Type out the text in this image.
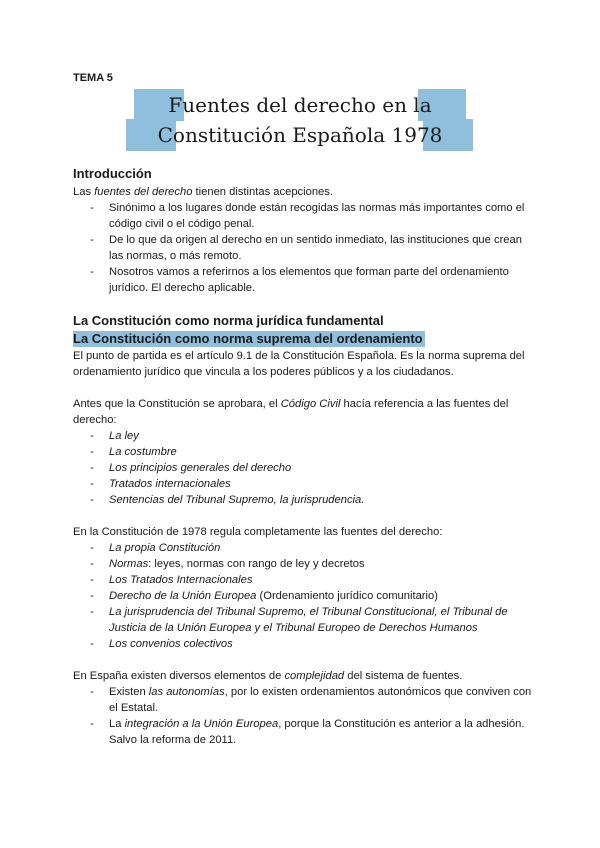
TEMA 5
Fuentes del derecho en la
Constitución Española 1978
Introducción
Las fuentes del derecho tienen distintas acepciones.
- Sinónimo a los lugares donde están recogidas las normas más importantes como el código civil o el código penal.
- De lo que da origen al derecho en un sentido inmediato, las instituciones que crean las normas, o más remoto.
- Nosotros vamos a referirnos a los elementos que forman parte del ordenamiento jurídico. El derecho aplicable.
La Constitución como norma jurídica fundamental
La Constitución como norma suprema del ordenamiento
El punto de partida es el artículo 9.1 de la Constitución Española. Es la norma suprema del ordenamiento jurídico que vincula a los poderes públicos y a los ciudadanos.
Antes que la Constitución se aprobara, el Código Civil hacía referencia a las fuentes del derecho:
- La ley
- La costumbre
- Los principios generales del derecho
- Tratados internacionales
- Sentencias del Tribunal Supremo, la jurisprudencia.
En la Constitución de 1978 regula completamente las fuentes del derecho:
- La propia Constitución
- Normas: leyes, normas con rango de ley y decretos
- Los Tratados Internacionales
- Derecho de la Unión Europea (Ordenamiento jurídico comunitario)
- La jurisprudencia del Tribunal Supremo, el Tribunal Constitucional, el Tribunal de Justicia de la Unión Europea y el Tribunal Europeo de Derechos Humanos
- Los convenios colectivos
En España existen diversos elementos de complejidad del sistema de fuentes.
- Existen las autonomías, por lo existen ordenamientos autonómicos que conviven con el Estatal.
- La integración a la Unión Europea, porque la Constitución es anterior a la adhesión. Salvo la reforma de 2011.
